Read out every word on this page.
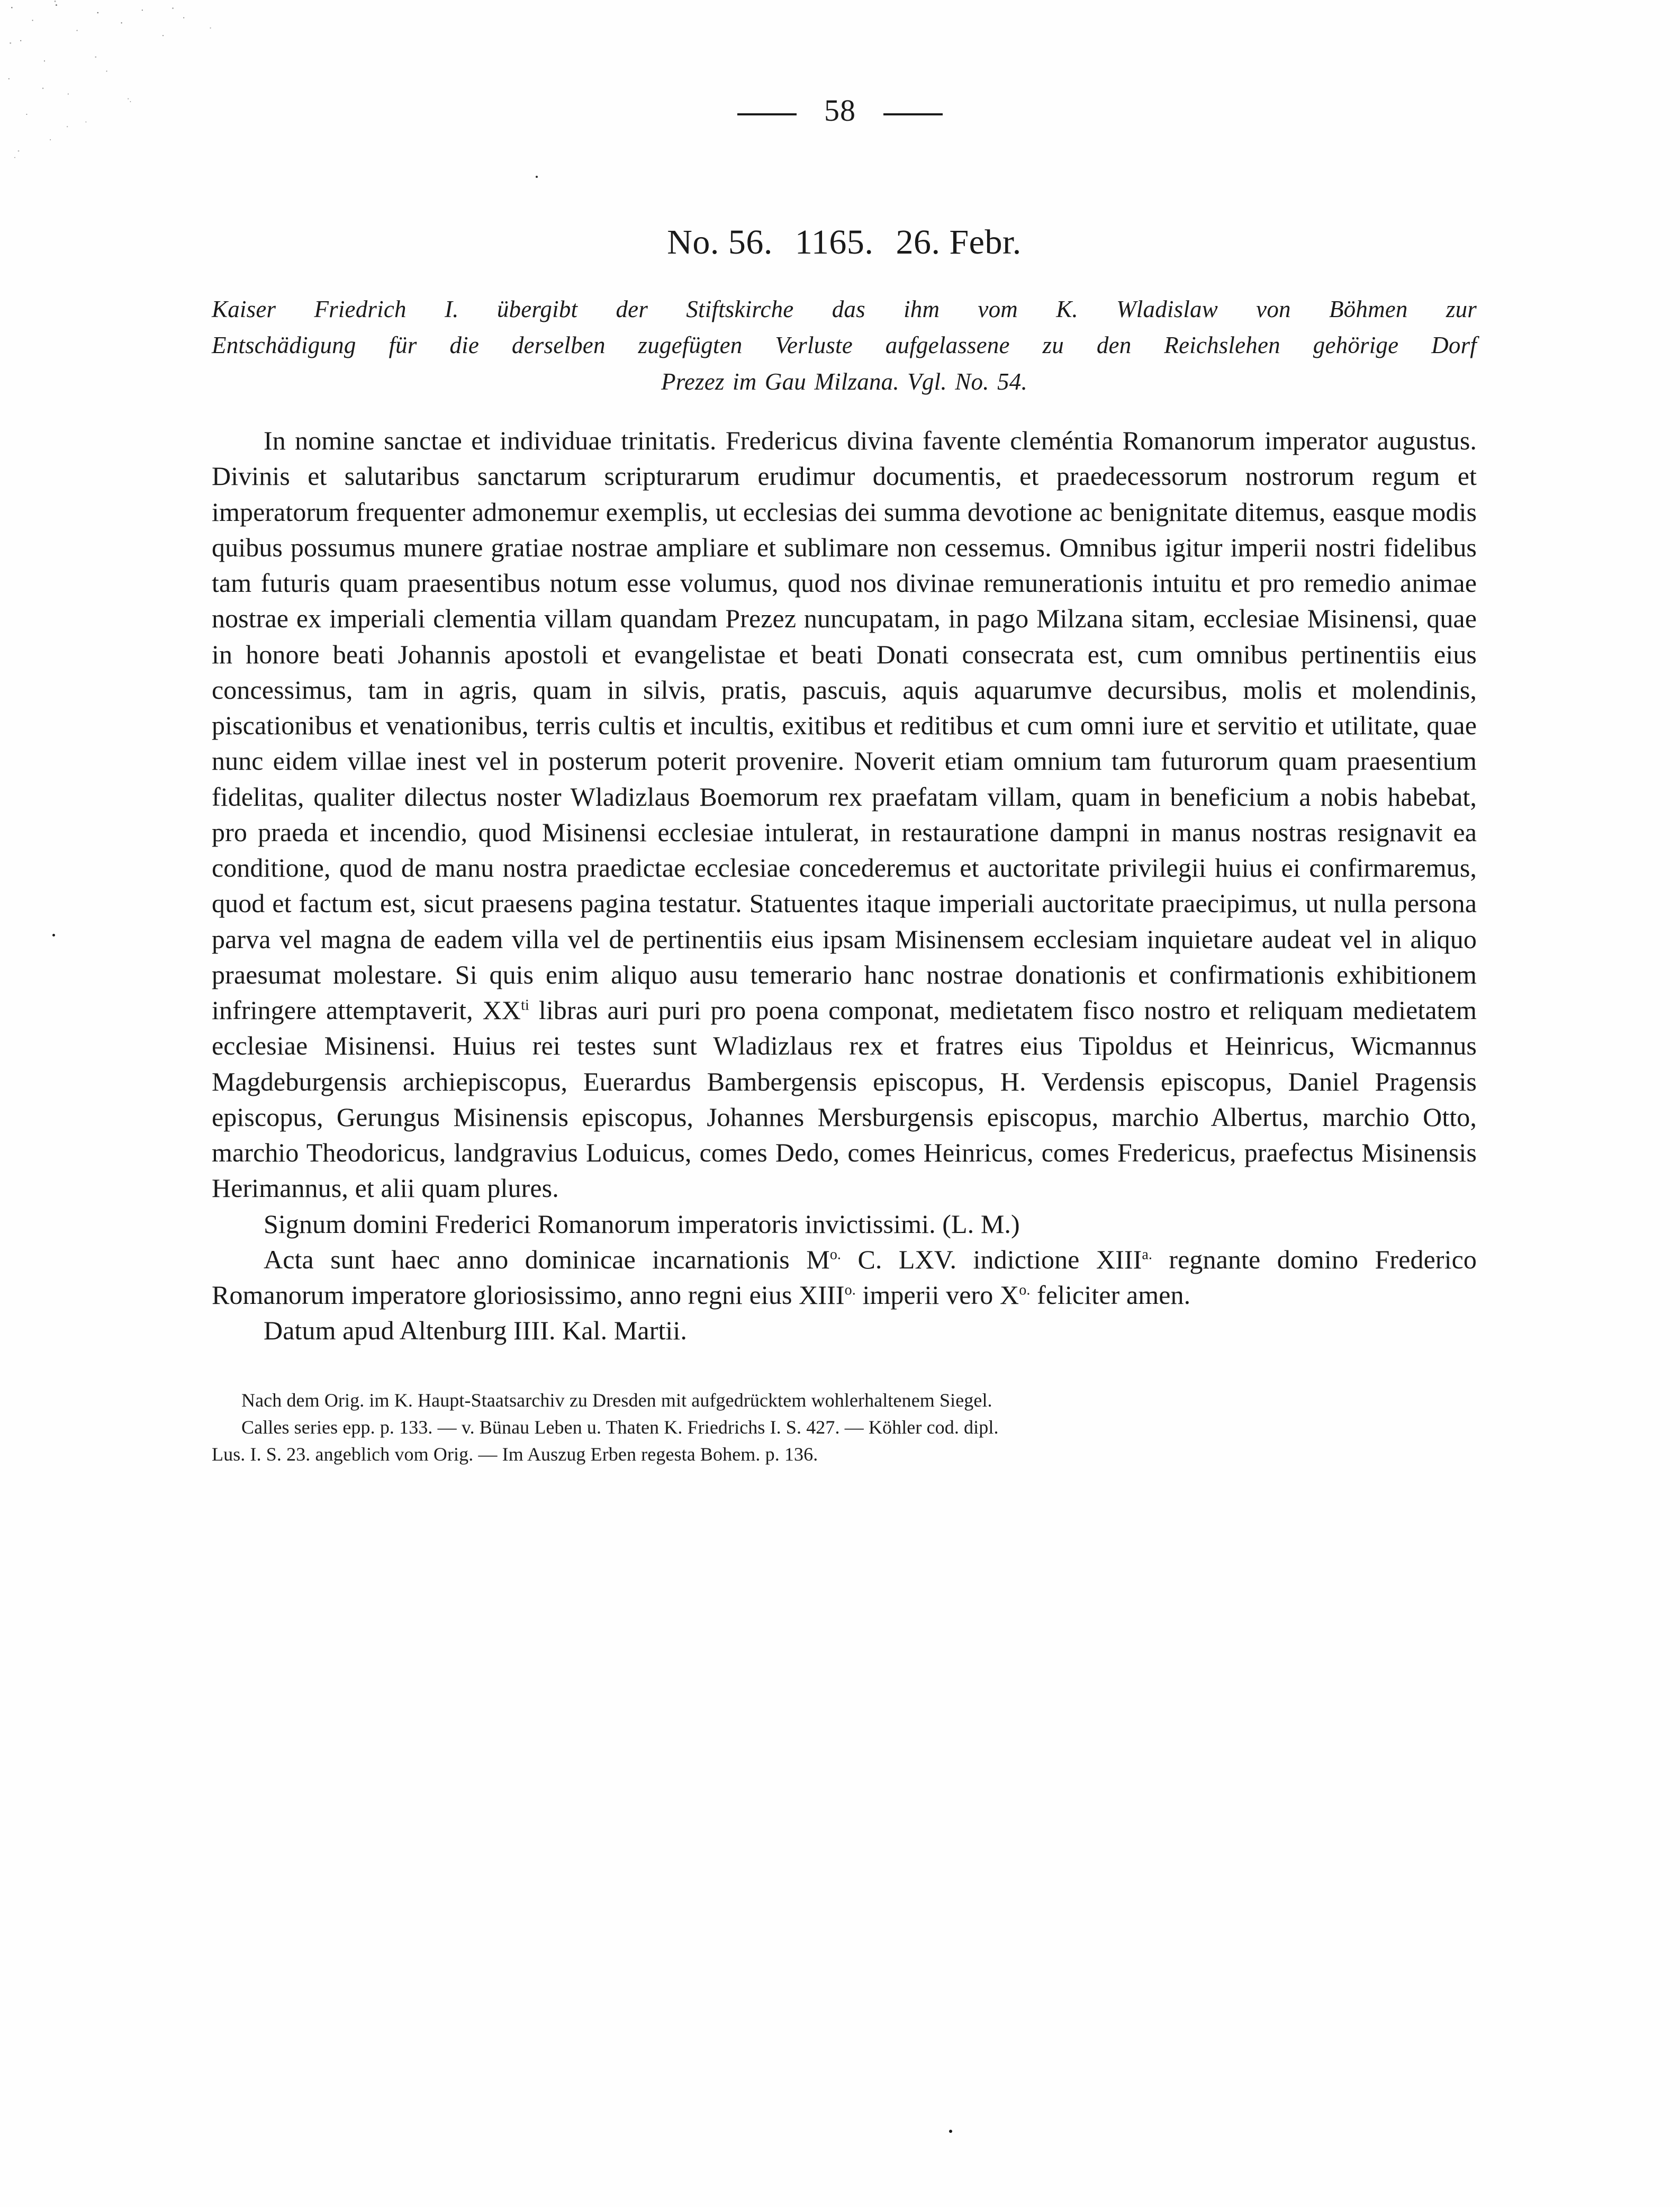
58
No. 56. 1165. 26. Febr.
Kaiser Friedrich I. übergibt der Stiftskirche das ihm vom K. Wladislaw von Böhmen zur
Entschädigung für die derselben zugefügten Verluste aufgelassene zu den Reichslehen gehörige Dorf
Prezez im Gau Milzana. Vgl. No. 54.

In nomine sanctae et individuae trinitatis. Fredericus divina favente cleméntia Romanorum imperator augustus. Divinis et salutaribus sanctarum scripturarum erudimur documentis, et praedecessorum nostrorum regum et imperatorum frequenter admonemur exemplis, ut ecclesias dei summa devotione ac benignitate ditemus, easque modis quibus possumus munere gratiae nostrae ampliare et sublimare non cessemus. Omnibus igitur imperii nostri fidelibus tam futuris quam praesentibus notum esse volumus, quod nos divinae remunerationis intuitu et pro remedio animae nostrae ex imperiali clementia villam quandam Prezez nuncupatam, in pago Milzana sitam, ecclesiae Misinensi, quae in honore beati Johannis apostoli et evangelistae et beati Donati consecrata est, cum omnibus pertinentiis eius concessimus, tam in agris, quam in silvis, pratis, pascuis, aquis aquarumve decursibus, molis et molendinis, piscationibus et venationibus, terris cultis et incultis, exitibus et reditibus et cum omni iure et servitio et utilitate, quae nunc eidem villae inest vel in posterum poterit provenire. Noverit etiam omnium tam futurorum quam praesentium fidelitas, qualiter dilectus noster Wladizlaus Boemorum rex praefatam villam, quam in beneficium a nobis habebat, pro praeda et incendio, quod Misinensi ecclesiae intulerat, in restauratione dampni in manus nostras resignavit ea conditione, quod de manu nostra praedictae ecclesiae concederemus et auctoritate privilegii huius ei confirmaremus, quod et factum est, sicut praesens pagina testatur. Statuentes itaque imperiali auctoritate praecipimus, ut nulla persona parva vel magna de eadem villa vel de pertinentiis eius ipsam Misinensem ecclesiam inquietare audeat vel in aliquo praesumat molestare. Si quis enim aliquo ausu temerario hanc nostrae donationis et confirmationis exhibitionem infringere attemptaverit, $XX^{ti}$ libras auri puri pro poena componat, medietatem fisco nostro et reliquam medietatem ecclesiae Misinensi. Huius rei testes sunt Wladizlaus rex et fratres eius Tipoldus et Heinricus, Wicmannus Magdeburgensis archiepiscopus, Euerardus Bambergensis episcopus, H. Verdensis episcopus, Daniel Pragensis episcopus, Gerungus Misinensis episcopus, Johannes Mersburgensis episcopus, marchio Albertus, marchio Otto, marchio Theodoricus, landgravius Loduicus, comes Dedo, comes Heinricus, comes Fredericus, praefectus Misinensis Herimannus, et alii quam plures.

Signum domini Frederici Romanorum imperatoris invictissimi. (L. M.)

Acta sunt haec anno dominicae incarnationis $M^{o.}$ C. LXV. indictione $XIII^{a.}$ regnante domino Frederico Romanorum imperatore gloriosissimo, anno regni eius $XIII^{o.}$ imperii vero $X^{o.}$ feliciter amen.

Datum apud Altenburg IIII. Kal. Martii.

Nach dem Orig. im K. Haupt-Staatsarchiv zu Dresden mit aufgedrücktem wohlerhaltenem Siegel.

Calles series epp. p. 133. — v. Bünau Leben u. Thaten K. Friedrichs I. S. 427. — Köhler cod. dipl.

Lus. I. S. 23. angeblich vom Orig. — Im Auszug Erben regesta Bohem. p. 136.
